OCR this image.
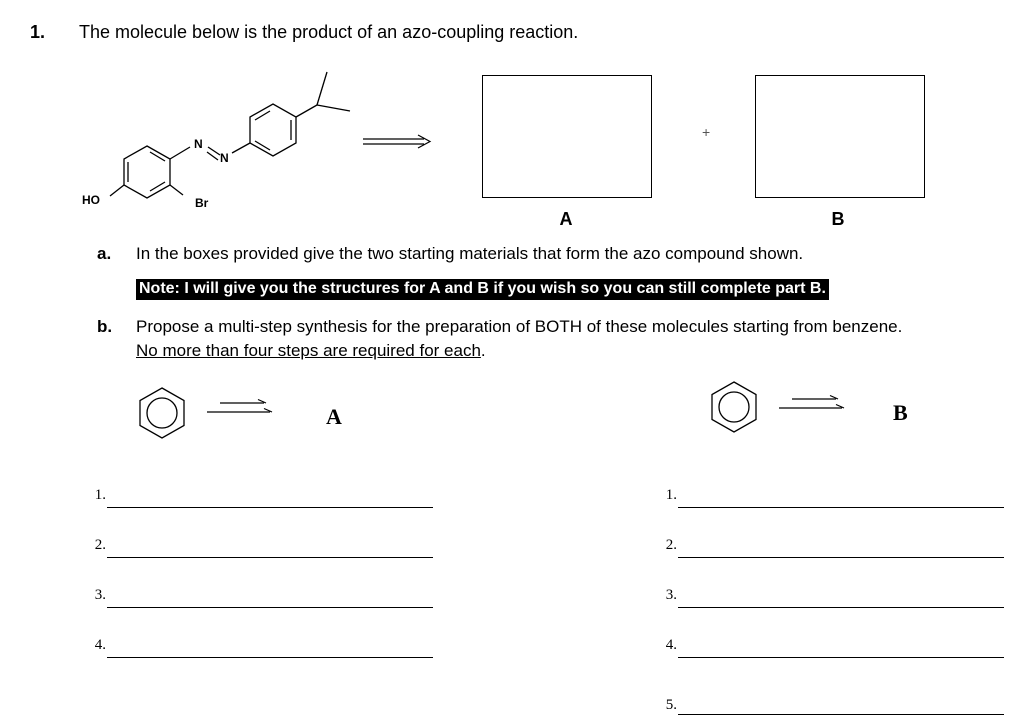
1. The molecule below is the product of an azo-coupling reaction.
HO
N
N
Br
+
A	B
a. In the boxes provided give the two starting materials that form the azo compound shown.
Note: I will give you the structures for A and B if you wish so you can still complete part B.
b. Propose a multi-step synthesis for the preparation of BOTH of these molecules starting from benzene.
No more than four steps are required for each.
A	B
1.
2.
3.
4.
1.
2.
3.
4.
5.
